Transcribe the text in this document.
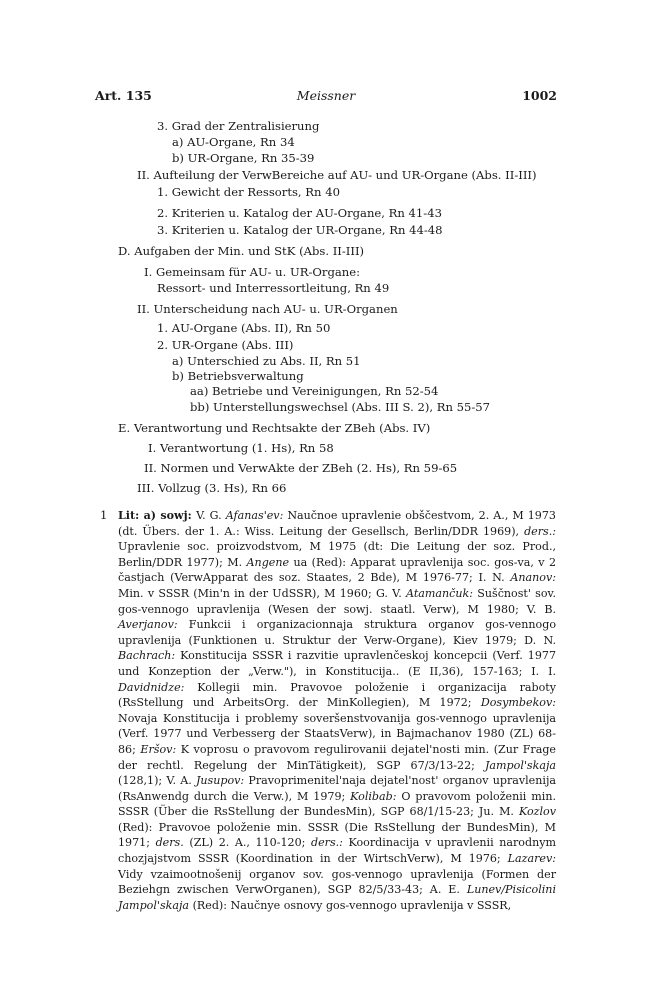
Art. 135	Meissner	1002
3. Grad der Zentralisierung
a) AU-Organe, Rn 34
b) UR-Organe, Rn 35-39
II. Aufteilung der VerwBereiche auf AU- und UR-Organe (Abs. II-III)
1. Gewicht der Ressorts, Rn 40
2. Kriterien u. Katalog der AU-Organe, Rn 41-43
3. Kriterien u. Katalog der UR-Organe, Rn 44-48
D. Aufgaben der Min. und StK (Abs. II-III)
I. Gemeinsam für AU- u. UR-Organe:
Ressort- und Interressortleitung, Rn 49
II. Unterscheidung nach AU- u. UR-Organen
1. AU-Organe (Abs. II), Rn 50
2. UR-Organe (Abs. III)
a) Unterschied zu Abs. II, Rn 51
b) Betriebsverwaltung
aa) Betriebe und Vereinigungen, Rn 52-54
bb) Unterstellungswechsel (Abs. III S. 2), Rn 55-57
E. Verantwortung und Rechtsakte der ZBeh (Abs. IV)
I. Verantwortung (1. Hs), Rn 58
II. Normen und VerwAkte der ZBeh (2. Hs), Rn 59-65
III. Vollzug (3. Hs), Rn 66
1 Lit: a) sowj: V. G. Afanas'ev: Naučnoe upravlenie obščestvom, 2. A., M 1973 (dt. Übers. der 1. A.: Wiss. Leitung der Gesellsch, Berlin/DDR 1969), ders.: Upravlenie soc. proizvodstvom, M 1975 (dt: Die Leitung der soz. Prod., Berlin/DDR 1977); M. Angene ua (Red): Apparat upravlenija soc. gos-va, v 2 častjach (VerwApparat des soz. Staates, 2 Bde), M 1976-77; I. N. Ananov: Min. v SSSR (Min'n in der UdSSR), M 1960; G. V. Atamančuk: Suščnost' sov. gos-vennogo upravlenija (Wesen der sowj. staatl. Verw), M 1980; V. B. Averjanov: Funkcii i organizacionnaja struktura organov gos-vennogo upravlenija (Funktionen u. Struktur der Verw-Organe), Kiev 1979; D. N. Bachrach: Konstitucija SSSR i razvitie upravlenčeskoj koncepcii (Verf. 1977 und Konzeption der „Verw."), in Konstitucija.. (E II,36), 157-163; I. I. Davidnidze: Kollegii min. Pravovoe položenie i organizacija raboty (RsStellung und ArbeitsOrg. der MinKollegien), M 1972; Dosymbekov: Novaja Konstitucija i problemy soveršenstvovanija gos-vennogo upravlenija (Verf. 1977 und Verbesserg der StaatsVerw), in Bajmachanov 1980 (ZL) 68-86; Eršov: K voprosu o pravovom regulirovanii dejatel'nosti min. (Zur Frage der rechtl. Regelung der MinTätigkeit), SGP 67/3/13-22; Jampol'skaja (128,1); V. A. Jusupov: Pravoprimenitel'naja dejatel'nost' organov upravlenija (RsAnwendg durch die Verw.), M 1979; Kolibab: O pravovom položenii min. SSSR (Über die RsStellung der BundesMin), SGP 68/1/15-23; Ju. M. Kozlov (Red): Pravovoe položenie min. SSSR (Die RsStellung der BundesMin), M 1971; ders. (ZL) 2. A., 110-120; ders.: Koordinacija v upravlenii narodnym chozjajstvom SSSR (Koordination in der WirtschVerw), M 1976; Lazarev: Vidy vzaimootnošenij organov sov. gos-vennogo upravlenija (Formen der Beziehgn zwischen VerwOrganen), SGP 82/5/33-43; A. E. Lunev/Pisicolini Jampol'skaja (Red): Naučnye osnovy gos-vennogo upravlenija v SSSR,
